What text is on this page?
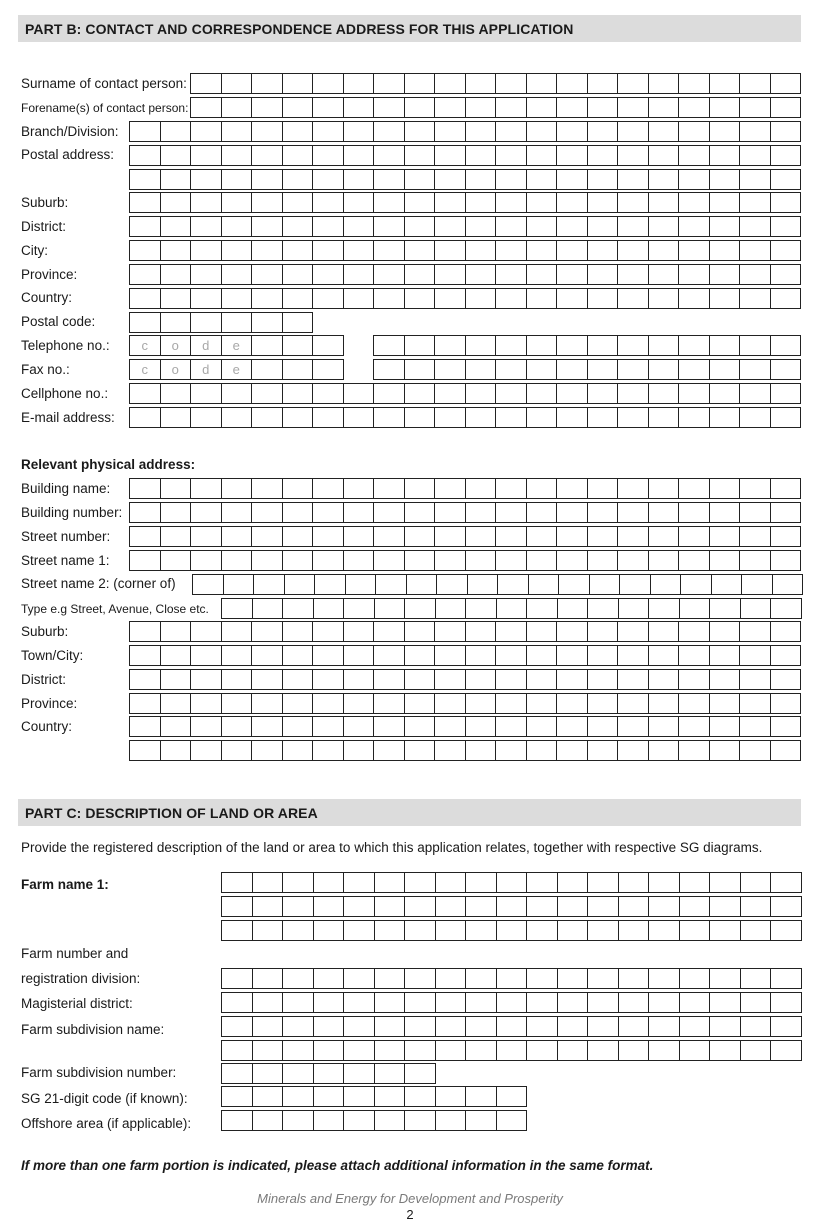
PART B: CONTACT AND CORRESPONDENCE ADDRESS FOR THIS APPLICATION
Surname of contact person:
Forename(s) of contact person:
Branch/Division:
Postal address:
Suburb:
District:
City:
Province:
Country:
Postal code:
Telephone no.:
Fax no.:
Cellphone no.:
E-mail address:
Relevant physical address:
Building name:
Building number:
Street number:
Street name 1:
Street name 2: (corner of)
Type e.g Street, Avenue, Close etc.
Suburb:
Town/City:
District:
Province:
Country:
PART C: DESCRIPTION OF LAND OR AREA
Provide the registered description of the land or area to which this application relates, together with respective SG diagrams.
Farm name 1:
Farm number and
registration division:
Magisterial district:
Farm subdivision name:
Farm subdivision number:
SG 21-digit code (if known):
Offshore area (if applicable):
If more than one farm portion is indicated, please attach additional information in the same format.
Minerals and Energy for Development and Prosperity
2
c	o	d	e
c	o	d	e
